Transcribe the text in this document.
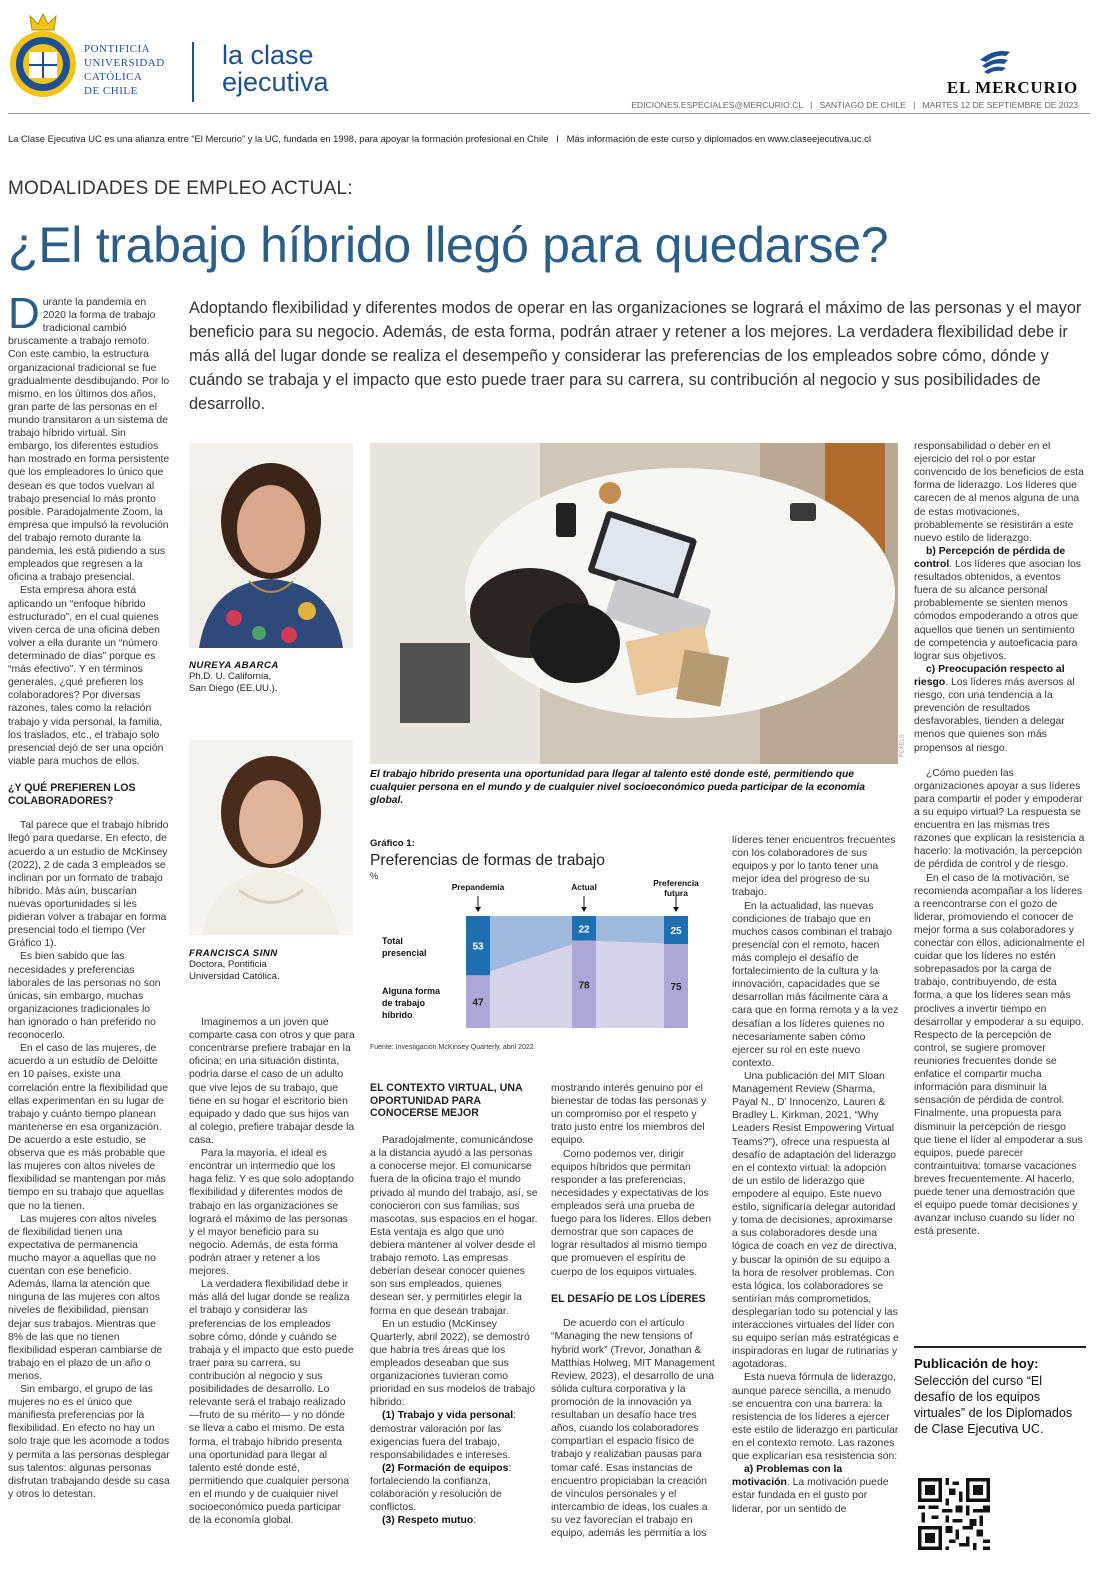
PONTIFICIA
UNIVERSIDAD
CATÓLICA
DE CHILE
la clase
ejecutiva	EL MERCURIO
EDICIONES.ESPECIALES@MERCURIO.CL   |   SANTIAGO DE CHILE   |   MARTES 12 DE SEPTIEMBRE DE 2023
La Clase Ejecutiva UC es una alianza entre “El Mercurio” y la UC, fundada en 1998, para apoyar la formación profesional en Chile   I   Más información de este curso y diplomados en www.claseejecutiva.uc.cl
MODALIDADES DE EMPLEO ACTUAL:
¿El trabajo híbrido llegó para quedarse?
Adoptando flexibilidad y diferentes modos de operar en las organizaciones se logrará el máximo de las personas y el mayor beneficio para su negocio. Además, de esta forma, podrán atraer y retener a los mejores. La verdadera flexibilidad debe ir más allá del lugar donde se realiza el desempeño y considerar las preferencias de los empleados sobre cómo, dónde y cuándo se trabaja y el impacto que esto puede traer para su carrera, su contribución al negocio y sus posibilidades de desarrollo.
D urante la pandemia en 2020 la forma de trabajo tradicional cambió bruscamente a trabajo remoto. Con este cambio, la estructura organizacional tradicional se fue gradualmente desdibujando. Por lo mismo, en los últimos dos años, gran parte de las personas en el mundo transitaron a un sistema de trabajo híbrido virtual. Sin embargo, los diferentes estudios han mostrado en forma persistente que los empleadores lo único que desean es que todos vuelvan al trabajo presencial lo más pronto posible. Paradojalmente Zoom, la empresa que impulsó la revolución del trabajo remoto durante la pandemia, les está pidiendo a sus empleados que regresen a la oficina a trabajo presencial.

Esta empresa ahora está aplicando un “enfoque híbrido estructurado”, en el cual quienes viven cerca de una oficina deben volver a ella durante un “número determinado de días” porque es “más efectivo”. Y en términos generales, ¿qué prefieren los colaboradores? Por diversas razones, tales como la relación trabajo y vida personal, la familia, los traslados, etc., el trabajo solo presencial dejó de ser una opción viable para muchos de ellos.

¿Y QUÉ PREFIEREN LOS COLABORADORES?

Tal parece que el trabajo híbrido llegó para quedarse. En efecto, de acuerdo a un estudio de McKinsey (2022), 2 de cada 3 empleados se inclinan por un formato de trabajo híbrido. Más aún, buscarían nuevas oportunidades si les pidieran volver a trabajar en forma presencial todo el tiempo (Ver Gráfico 1).

Es bien sabido que las necesidades y preferencias laborales de las personas no son únicas, sin embargo, muchas organizaciones tradicionales lo han ignorado o han preferido no reconocerlo.

En el caso de las mujeres, de acuerdo a un estudio de Deloitte en 10 países, existe una correlación entre la flexibilidad que ellas experimentan en su lugar de trabajo y cuánto tiempo planean mantenerse en esa organización. De acuerdo a este estudio, se observa que es más probable que las mujeres con altos niveles de flexibilidad se mantengan por más tiempo en su trabajo que aquellas que no la tienen.

Las mujeres con altos niveles de flexibilidad tienen una expectativa de permanencia mucho mayor a aquellas que no cuentan con ese beneficio. Además, llama la atención que ninguna de las mujeres con altos niveles de flexibilidad, piensan dejar sus trabajos. Mientras que 8% de las que no tienen flexibilidad esperan cambiarse de trabajo en el plazo de un año o menos.

Sin embargo, el grupo de las mujeres no es el único que manifiesta preferencias por la flexibilidad. En efecto no hay un solo traje que les acomode a todos y permita a las personas desplegar sus talentos: algunas personas disfrutan trabajando desde su casa y otros lo detestan.

NUREYA ABARCA
Ph.D. U. California,
San Diego (EE.UU.).
FRANCISCA SINN
Doctora, Pontificia
Universidad Católica.

Imaginemos a un joven que comparte casa con otros y que para concentrarse prefiere trabajar en la oficina; en una situación distinta, podría darse el caso de un adulto que vive lejos de su trabajo, que tiene en su hogar el escritorio bien equipado y dado que sus hijos van al colegio, prefiere trabajar desde la casa.

Para la mayoría, el ideal es encontrar un intermedio que los haga feliz. Y es que solo adoptando flexibilidad y diferentes modos de trabajo en las organizaciones se logrará el máximo de las personas y el mayor beneficio para su negocio. Además, de esta forma podrán atraer y retener a los mejores.

La verdadera flexibilidad debe ir más allá del lugar donde se realiza el trabajo y considerar las preferencias de los empleados sobre cómo, dónde y cuándo se trabaja y el impacto que esto puede traer para su carrera, su contribución al negocio y sus posibilidades de desarrollo. Lo relevante será el trabajo realizado —fruto de su mérito— y no dónde se lleva a cabo el mismo. De esta forma, el trabajo híbrido presenta una oportunidad para llegar al talento esté donde esté, permitiendo que cualquier persona en el mundo y de cualquier nivel socioeconómico pueda participar de la economía global.

PEXELS
El trabajo híbrido presenta una oportunidad para llegar al talento esté donde esté, permitiendo que cualquier persona en el mundo y de cualquier nivel socioeconómico pueda participar de la economía global.
Gráfico 1:
Preferencias de formas de trabajo
%
53
47
Prepandemia
22
78
Actual
25
75
Preferencia
futura
Total
presencial
Alguna forma
de trabajo
híbrido
Fuente: Investigación McKinsey Quarterly, abril 2022.
EL CONTEXTO VIRTUAL, UNA OPORTUNIDAD PARA CONOCERSE MEJOR

Paradojalmente, comunicándose a la distancia ayudó a las personas a conocerse mejor. El comunicarse fuera de la oficina trajo el mundo privado al mundo del trabajo, así, se conocieron con sus familias, sus mascotas, sus espacios en el hogar. Esta ventaja es algo que uno debiera mantener al volver desde el trabajo remoto. Las empresas deberían desear conocer quienes son sus empleados, quienes desean ser, y permitirles elegir la forma en que desean trabajar.

En un estudio (McKinsey Quarterly, abril 2022), se demostró que habría tres áreas que los empleados deseaban que sus organizaciones tuvieran como prioridad en sus modelos de trabajo híbrido:

(1) Trabajo y vida personal: demostrar valoración por las exigencias fuera del trabajo, responsabilidades e intereses.

(2) Formación de equipos: fortaleciendo la confianza, colaboración y resolución de conflictos.

(3) Respeto mutuo:

mostrando interés genuino por el bienestar de todas las personas y un compromiso por el respeto y trato justo entre los miembros del equipo.

Como podemos ver, dirigir equipos híbridos que permitan responder a las preferencias, necesidades y expectativas de los empleados será una prueba de fuego para los líderes. Ellos deben demostrar que son capaces de lograr resultados al mismo tiempo que promueven el espíritu de cuerpo de los equipos virtuales.

EL DESAFÍO DE LOS LÍDERES

De acuerdo con el artículo “Managing the new tensions of hybrid work” (Trevor, Jonathan & Matthias Holweg, MIT Management Review, 2023), el desarrollo de una sólida cultura corporativa y la promoción de la innovación ya resultaban un desafío hace tres años, cuando los colaboradores compartían el espacio físico de trabajo y realizaban pausas para tomar café. Esas instancias de encuentro propiciaban la creación de vínculos personales y el intercambio de ideas, los cuales a su vez favorecían el trabajo en equipo, además les permitía a los

líderes tener encuentros frecuentes con los colaboradores de sus equipos y por lo tanto tener una mejor idea del progreso de su trabajo.

En la actualidad, las nuevas condiciones de trabajo que en muchos casos combinan el trabajo presencial con el remoto, hacen más complejo el desafío de fortalecimiento de la cultura y la innovación, capacidades que se desarrollan más fácilmente cara a cara que en forma remota y a la vez desafían a los líderes quienes no necesariamente saben cómo ejercer su rol en este nuevo contexto.

Una publicación del MIT Sloan Management Review (Sharma, Payal N., D’ Innocenzo, Lauren & Bradley L. Kirkman, 2021, “Why Leaders Resist Empowering Virtual Teams?”), ofrece una respuesta al desafío de adaptación del liderazgo en el contexto virtual: la adopción de un estilo de liderazgo que empodere al equipo. Este nuevo estilo, significaría delegar autoridad y toma de decisiones, aproximarse a sus colaboradores desde una lógica de coach en vez de directiva, y buscar la opinión de su equipo a la hora de resolver problemas. Con esta lógica, los colaboradores se sentirían más comprometidos, desplegarían todo su potencial y las interacciones virtuales del líder con su equipo serían más estratégicas e inspiradoras en lugar de rutinarias y agotadoras.

Esta nueva fórmula de liderazgo, aunque parece sencilla, a menudo se encuentra con una barrera: la resistencia de los líderes a ejercer este estilo de liderazgo en particular en el contexto remoto. Las razones que explicarían esa resistencia son:

a) Problemas con la motivación. La motivación puede estar fundada en el gusto por liderar, por un sentido de

responsabilidad o deber en el ejercicio del rol o por estar convencido de los beneficios de esta forma de liderazgo. Los líderes que carecen de al menos alguna de una de estas motivaciones, probablemente se resistirán a este nuevo estilo de liderazgo.

b) Percepción de pérdida de control. Los líderes que asocian los resultados obtenidos, a eventos fuera de su alcance personal probablemente se sienten menos cómodos empoderando a otros que aquellos que tienen un sentimiento de competencia y autoeficacia para lograr sus objetivos.

c) Preocupación respecto al riesgo. Los líderes más aversos al riesgo, con una tendencia a la prevención de resultados desfavorables, tienden a delegar menos que quienes son más propensos al riesgo.

¿Cómo pueden las organizaciones apoyar a sus líderes para compartir el poder y empoderar a su equipo virtual? La respuesta se encuentra en las mismas tres razones que explican la resistencia a hacerlo: la motivación, la percepción de pérdida de control y de riesgo.

En el caso de la motivación, se recomienda acompañar a los líderes a reencontrarse con el gozo de liderar, promoviendo el conocer de mejor forma a sus colaboradores y conectar con ellos, adicionalmente el cuidar que los líderes no estén sobrepasados por la carga de trabajo, contribuyendo, de esta forma, a que los líderes sean más proclives a invertir tiempo en desarrollar y empoderar a su equipo. Respecto de la percepción de control, se sugiere promover reuniones frecuentes donde se enfatice el compartir mucha información para disminuir la sensación de pérdida de control. Finalmente, una propuesta para disminuir la percepción de riesgo que tiene el líder al empoderar a sus equipos, puede parecer contraintuitiva: tomarse vacaciones breves frecuentemente. Al hacerlo, puede tener una demostración que el equipo puede tomar decisiones y avanzar incluso cuando su líder no está presente.

Publicación de hoy:
Selección del curso “El desafío de los equipos virtuales” de los Diplomados de Clase Ejecutiva UC.
